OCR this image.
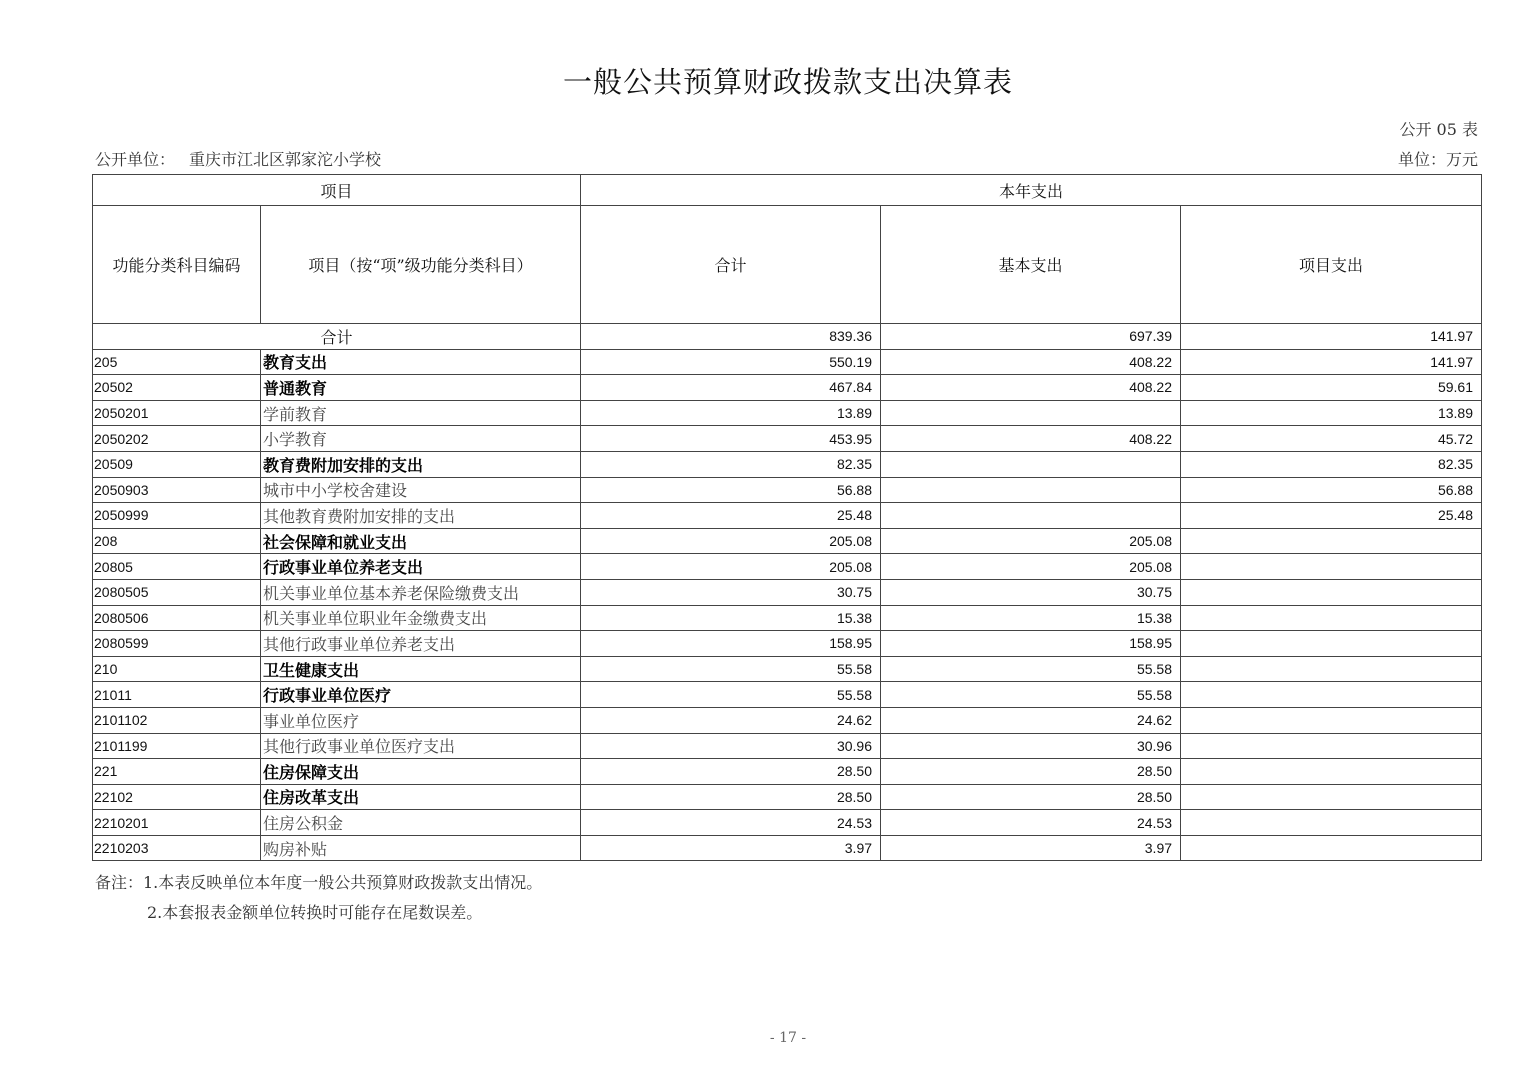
一般公共预算财政拨款支出决算表
公开 05 表
公开单位： 重庆市江北区郭家沱小学校	单位：万元
项目		本年支出		
功能分类科目编码	项目（按“项”级功能分类科目）	合计	基本支出	项目支出
合计		839.36	697.39	141.97
205	教育支出	550.19	408.22	141.97
20502	普通教育	467.84	408.22	59.61
2050201	学前教育	13.89		13.89
2050202	小学教育	453.95	408.22	45.72
20509	教育费附加安排的支出	82.35		82.35
2050903	城市中小学校舍建设	56.88		56.88
2050999	其他教育费附加安排的支出	25.48		25.48
208	社会保障和就业支出	205.08	205.08	
20805	行政事业单位养老支出	205.08	205.08	
2080505	机关事业单位基本养老保险缴费支出	30.75	30.75	
2080506	机关事业单位职业年金缴费支出	15.38	15.38	
2080599	其他行政事业单位养老支出	158.95	158.95	
210	卫生健康支出	55.58	55.58	
21011	行政事业单位医疗	55.58	55.58	
2101102	事业单位医疗	24.62	24.62	
2101199	其他行政事业单位医疗支出	30.96	30.96	
221	住房保障支出	28.50	28.50	
22102	住房改革支出	28.50	28.50	
2210201	住房公积金	24.53	24.53	
2210203	购房补贴	3.97	3.97	
备注：1.本表反映单位本年度一般公共预算财政拨款支出情况。
2.本套报表金额单位转换时可能存在尾数误差。
- 17 -
